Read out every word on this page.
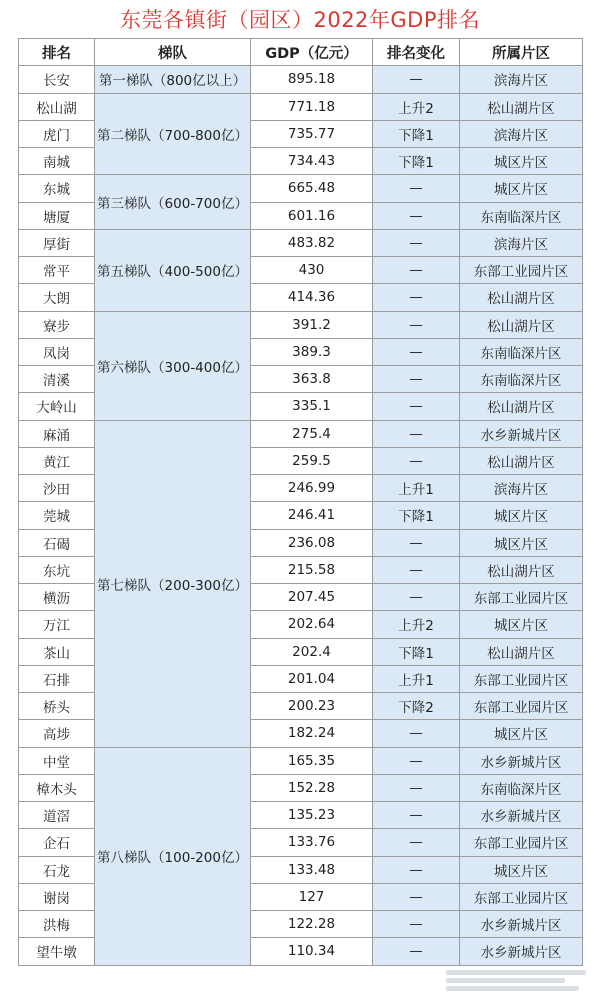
东莞各镇街（园区）2022年GDP排名
排名	梯队	GDP（亿元）	排名变化	所属片区
长安	第一梯队（800亿以上）	895.18	—	滨海片区
松山湖	第二梯队（700-800亿）	771.18	上升2	松山湖片区
虎门		735.77	下降1	滨海片区
南城		734.43	下降1	城区片区
东城	第三梯队（600-700亿）	665.48	—	城区片区
塘厦		601.16	—	东南临深片区
厚街	第五梯队（400-500亿）	483.82	—	滨海片区
常平		430	—	东部工业园片区
大朗		414.36	—	松山湖片区
寮步	第六梯队（300-400亿）	391.2	—	松山湖片区
凤岗		389.3	—	东南临深片区
清溪		363.8	—	东南临深片区
大岭山		335.1	—	松山湖片区
麻涌	第七梯队（200-300亿）	275.4	—	水乡新城片区
黄江		259.5	—	松山湖片区
沙田		246.99	上升1	滨海片区
莞城		246.41	下降1	城区片区
石碣		236.08	—	城区片区
东坑		215.58	—	松山湖片区
横沥		207.45	—	东部工业园片区
万江		202.64	上升2	城区片区
茶山		202.4	下降1	松山湖片区
石排		201.04	上升1	东部工业园片区
桥头		200.23	下降2	东部工业园片区
高埗		182.24	—	城区片区
中堂	第八梯队（100-200亿）	165.35	—	水乡新城片区
樟木头		152.28	—	东南临深片区
道滘		135.23	—	水乡新城片区
企石		133.76	—	东部工业园片区
石龙		133.48	—	城区片区
谢岗		127	—	东部工业园片区
洪梅		122.28	—	水乡新城片区
望牛墩		110.34	—	水乡新城片区
